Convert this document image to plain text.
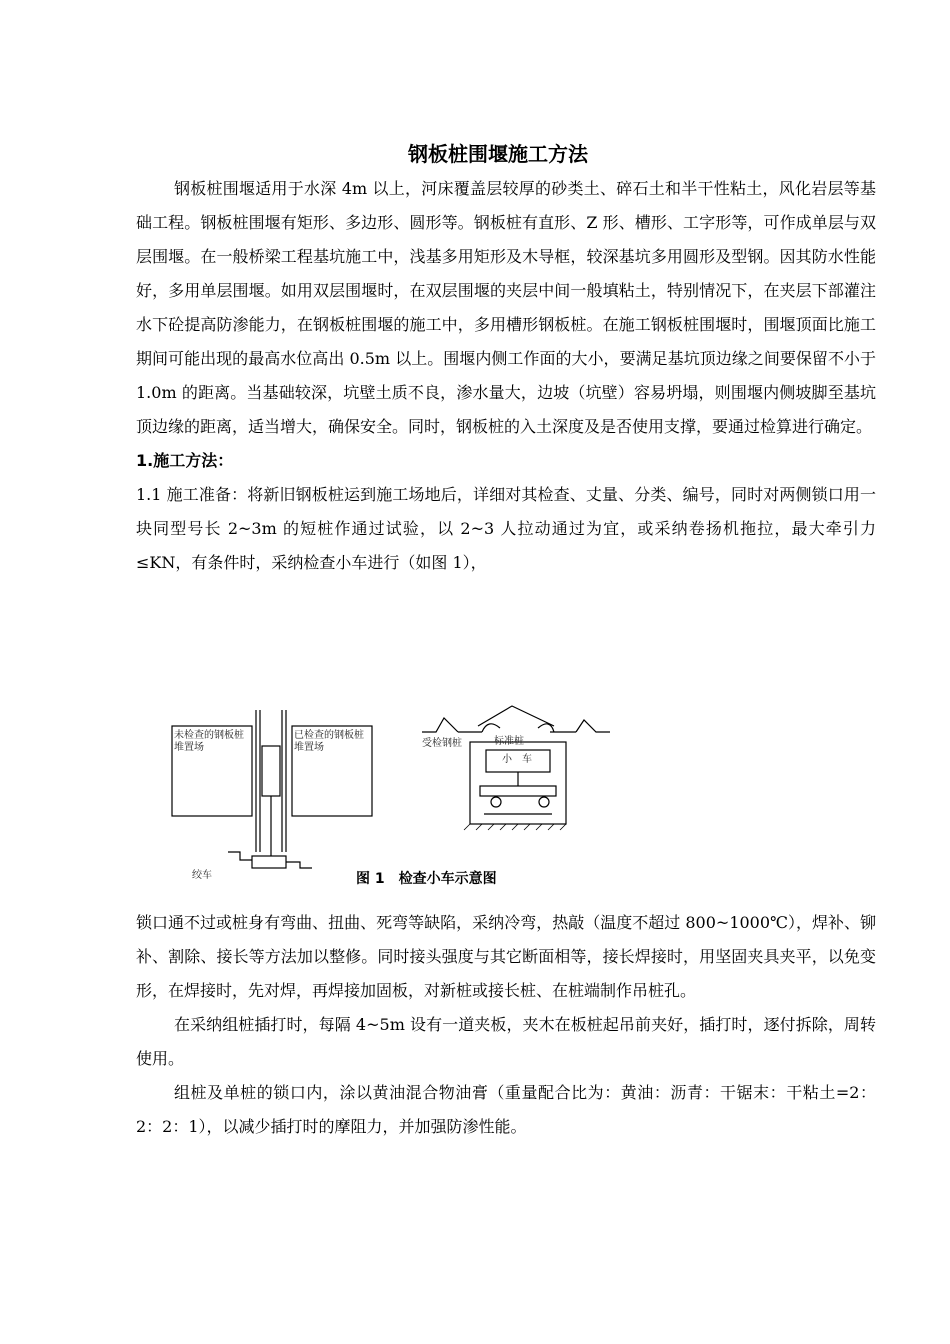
钢板桩围堰施工方法

钢板桩围堰适用于水深 4m 以上，河床覆盖层较厚的砂类土、碎石土和半干性粘土，风化岩层等基础工程。钢板桩围堰有矩形、多边形、圆形等。钢板桩有直形、Z 形、槽形、工字形等，可作成单层与双层围堰。在一般桥梁工程基坑施工中，浅基多用矩形及木导框，较深基坑多用圆形及型钢。因其防水性能好，多用单层围堰。如用双层围堰时，在双层围堰的夹层中间一般填粘土，特别情况下，在夹层下部灌注水下砼提高防渗能力，在钢板桩围堰的施工中，多用槽形钢板桩。在施工钢板桩围堰时，围堰顶面比施工期间可能出现的最高水位高出 0.5m 以上。围堰内侧工作面的大小，要满足基坑顶边缘之间要保留不小于 1.0m 的距离。当基础较深，坑壁土质不良，渗水量大，边坡（坑壁）容易坍塌，则围堰内侧坡脚至基坑顶边缘的距离，适当增大，确保安全。同时，钢板桩的入土深度及是否使用支撑，要通过检算进行确定。

1.施工方法：

1.1 施工准备：将新旧钢板桩运到施工场地后，详细对其检查、丈量、分类、编号，同时对两侧锁口用一块同型号长 2~3m 的短桩作通过试验，以 2~3 人拉动通过为宜，或采纳卷扬机拖拉，最大牵引力≤KN，有条件时，采纳检查小车进行（如图 1），

未检查的钢板桩堆置场
已检查的钢板桩堆置场
绞车
受检钢桩	标准桩
小　车
图 1　检查小车示意图

锁口通不过或桩身有弯曲、扭曲、死弯等缺陷，采纳冷弯，热敲（温度不超过 800~1000℃），焊补、铆补、割除、接长等方法加以整修。同时接头强度与其它断面相等，接长焊接时，用坚固夹具夹平，以免变形，在焊接时，先对焊，再焊接加固板，对新桩或接长桩、在桩端制作吊桩孔。

在采纳组桩插打时，每隔 4~5m 设有一道夹板，夹木在板桩起吊前夹好，插打时，逐付拆除，周转使用。

组桩及单桩的锁口内，涂以黄油混合物油膏（重量配合比为：黄油：沥青：干锯末：干粘土=2：2：2：1），以减少插打时的摩阻力，并加强防渗性能。
